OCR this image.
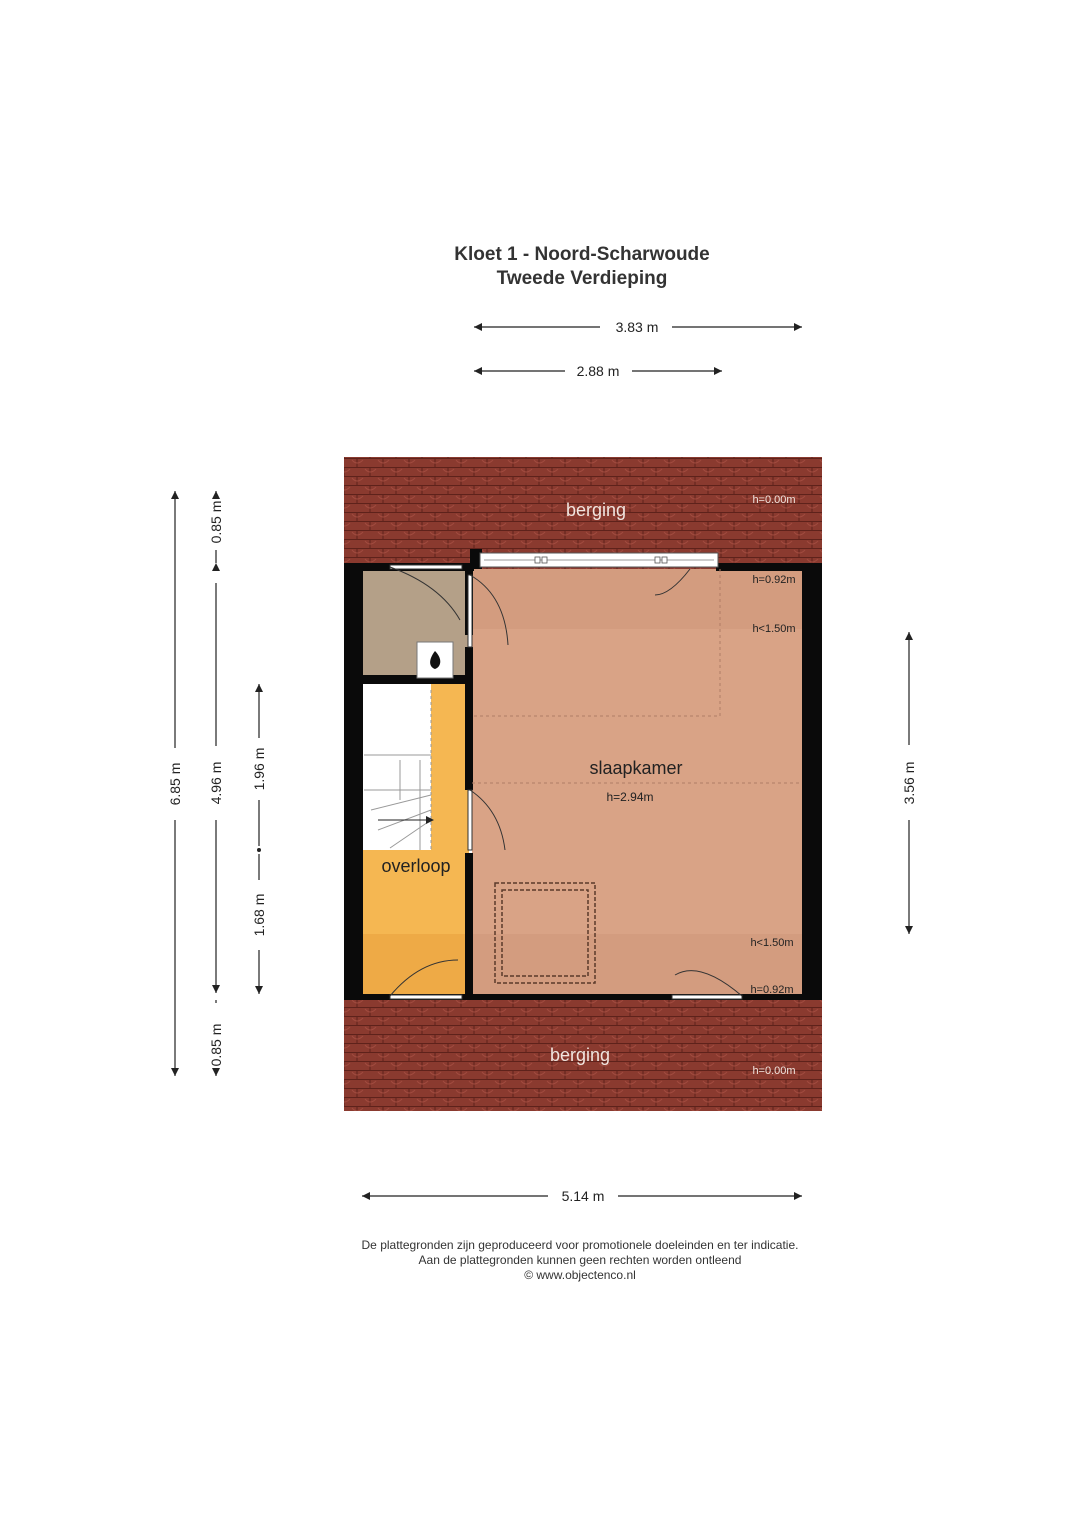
Kloet 1 - Noord-Scharwoude
Tweede Verdieping
3.83 m
2.88 m
5.14 m
6.85 m
0.85 m
4.96 m
0.85 m
1.96 m
1.68 m
3.56 m
berging
berging
slaapkamer
h=2.94m
overloop
h=0.00m
h=0.92m
h<1.50m
h<1.50m
h=0.92m
h=0.00m
De plattegronden zijn geproduceerd voor promotionele doeleinden en ter indicatie.
Aan de plattegronden kunnen geen rechten worden ontleend
© www.objectenco.nl
